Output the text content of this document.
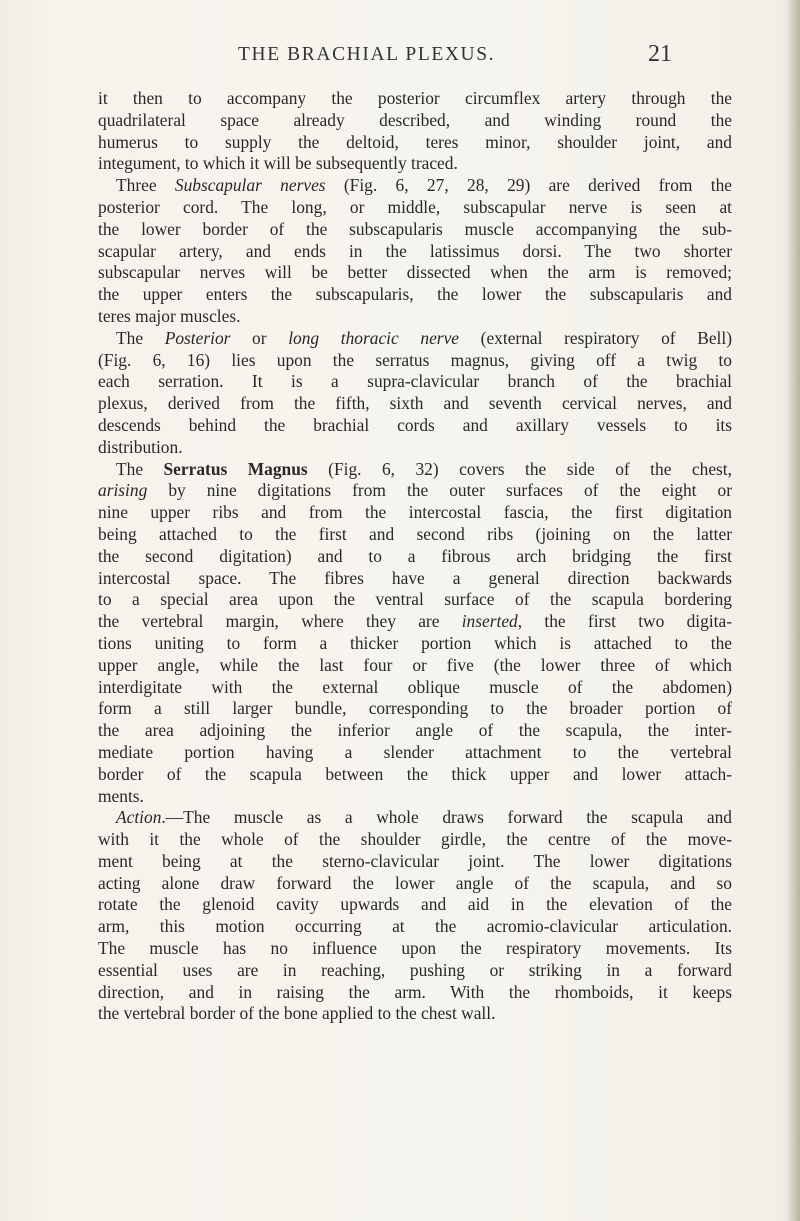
THE BRACHIAL PLEXUS.	21
it then to accompany the posterior circumflex artery through the
quadrilateral space already described, and winding round the
humerus to supply the deltoid, teres minor, shoulder joint, and
integument, to which it will be subsequently traced.
Three Subscapular nerves (Fig. 6, 27, 28, 29) are derived from the
posterior cord. The long, or middle, subscapular nerve is seen at
the lower border of the subscapularis muscle accompanying the sub-
scapular artery, and ends in the latissimus dorsi. The two shorter
subscapular nerves will be better dissected when the arm is removed;
the upper enters the subscapularis, the lower the subscapularis and
teres major muscles.
The Posterior or long thoracic nerve (external respiratory of Bell)
(Fig. 6, 16) lies upon the serratus magnus, giving off a twig to
each serration. It is a supra-clavicular branch of the brachial
plexus, derived from the fifth, sixth and seventh cervical nerves, and
descends behind the brachial cords and axillary vessels to its
distribution.
The Serratus Magnus (Fig. 6, 32) covers the side of the chest,
arising by nine digitations from the outer surfaces of the eight or
nine upper ribs and from the intercostal fascia, the first digitation
being attached to the first and second ribs (joining on the latter
the second digitation) and to a fibrous arch bridging the first
intercostal space. The fibres have a general direction backwards
to a special area upon the ventral surface of the scapula bordering
the vertebral margin, where they are inserted, the first two digita-
tions uniting to form a thicker portion which is attached to the
upper angle, while the last four or five (the lower three of which
interdigitate with the external oblique muscle of the abdomen)
form a still larger bundle, corresponding to the broader portion of
the area adjoining the inferior angle of the scapula, the inter-
mediate portion having a slender attachment to the vertebral
border of the scapula between the thick upper and lower attach-
ments.
Action.—The muscle as a whole draws forward the scapula and
with it the whole of the shoulder girdle, the centre of the move-
ment being at the sterno-clavicular joint. The lower digitations
acting alone draw forward the lower angle of the scapula, and so
rotate the glenoid cavity upwards and aid in the elevation of the
arm, this motion occurring at the acromio-clavicular articulation.
The muscle has no influence upon the respiratory movements. Its
essential uses are in reaching, pushing or striking in a forward
direction, and in raising the arm. With the rhomboids, it keeps
the vertebral border of the bone applied to the chest wall.
